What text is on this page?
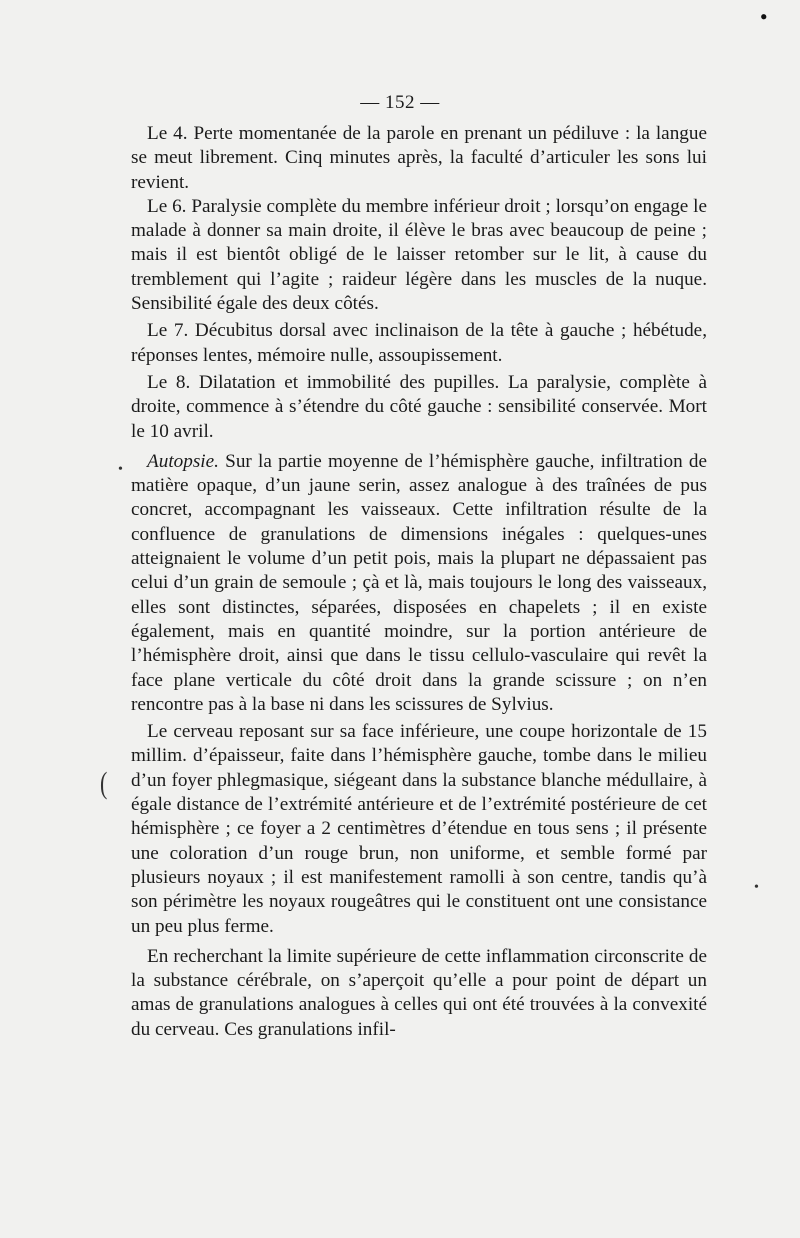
•
— 152 —
(
•
•

Le 4. Perte momentanée de la parole en prenant un pédiluve : la langue se meut librement. Cinq minutes après, la faculté d’articuler les sons lui revient.

Le 6. Paralysie complète du membre inférieur droit ; lorsqu’on engage le malade à donner sa main droite, il élève le bras avec beaucoup de peine ; mais il est bientôt obligé de le laisser retomber sur le lit, à cause du tremblement qui l’agite ; raideur légère dans les muscles de la nuque. Sensibilité égale des deux côtés.

Le 7. Décubitus dorsal avec inclinaison de la tête à gauche ; hébétude, réponses lentes, mémoire nulle, assoupissement.

Le 8. Dilatation et immobilité des pupilles. La paralysie, complète à droite, commence à s’étendre du côté gauche : sensibilité conservée. Mort le 10 avril.

Autopsie. Sur la partie moyenne de l’hémisphère gauche, infiltration de matière opaque, d’un jaune serin, assez analogue à des traînées de pus concret, accompagnant les vaisseaux. Cette infiltration résulte de la confluence de granulations de dimensions inégales : quelques-unes atteignaient le volume d’un petit pois, mais la plupart ne dépassaient pas celui d’un grain de semoule ; çà et là, mais toujours le long des vaisseaux, elles sont distinctes, séparées, disposées en chapelets ; il en existe également, mais en quantité moindre, sur la portion antérieure de l’hémisphère droit, ainsi que dans le tissu cellulo-vasculaire qui revêt la face plane verticale du côté droit dans la grande scissure ; on n’en rencontre pas à la base ni dans les scissures de Sylvius.

Le cerveau reposant sur sa face inférieure, une coupe horizontale de 15 millim. d’épaisseur, faite dans l’hémisphère gauche, tombe dans le milieu d’un foyer phlegmasique, siégeant dans la substance blanche médullaire, à égale distance de l’extrémité antérieure et de l’extrémité postérieure de cet hémisphère ; ce foyer a 2 centimètres d’étendue en tous sens ; il présente une coloration d’un rouge brun, non uniforme, et semble formé par plusieurs noyaux ; il est manifestement ramolli à son centre, tandis qu’à son périmètre les noyaux rougeâtres qui le constituent ont une consistance un peu plus ferme.

En recherchant la limite supérieure de cette inflammation circonscrite de la substance cérébrale, on s’aperçoit qu’elle a pour point de départ un amas de granulations analogues à celles qui ont été trouvées à la convexité du cerveau. Ces granulations infil-
